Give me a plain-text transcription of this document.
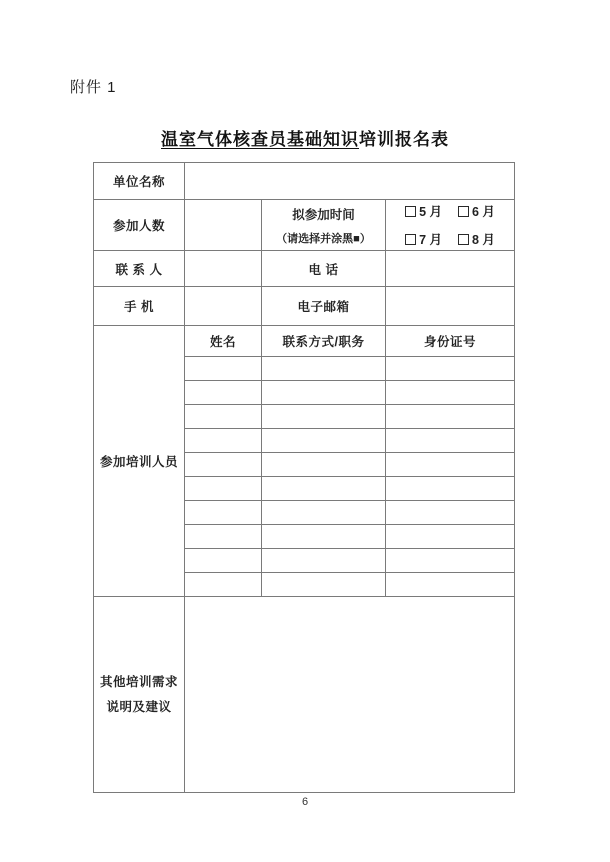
附件 1
温室气体核查员基础知识培训报名表
单位名称			
参加人数		拟参加时间
（请选择并涂黑■）	5 月 6 月
7 月 8 月

联 系 人		电 话	
手 机		电子邮箱	
参加培训人员	姓名	联系方式/职务	身份证号

其他培训需求
说明及建议			

6
